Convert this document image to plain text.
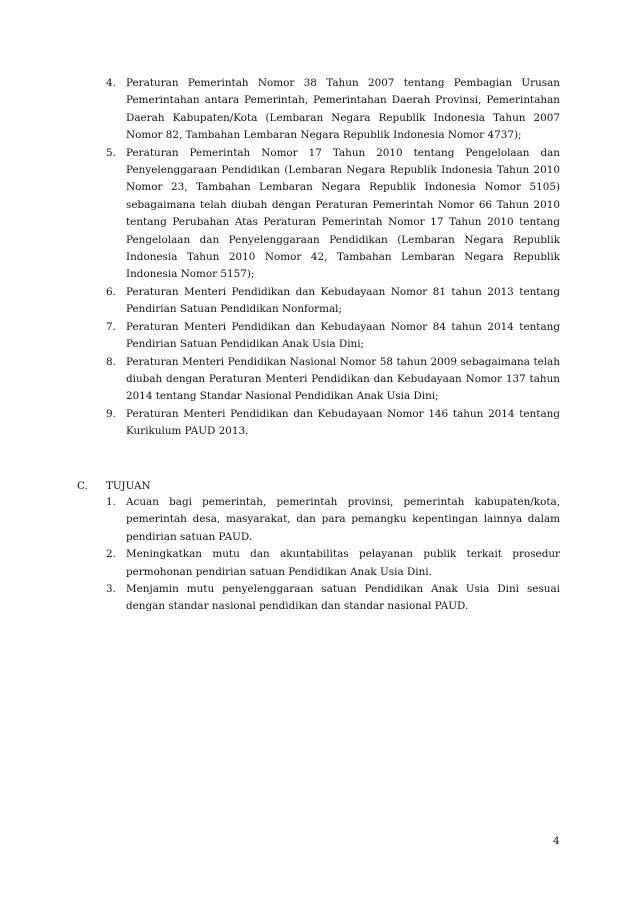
4. Peraturan Pemerintah Nomor 38 Tahun 2007 tentang Pembagian Urusan Pemerintahan antara Pemerintah, Pemerintahan Daerah Provinsi, Pemerintahan Daerah Kabupaten/Kota (Lembaran Negara Republik Indonesia Tahun 2007 Nomor 82, Tambahan Lembaran Negara Republik Indonesia Nomor 4737);

5. Peraturan Pemerintah Nomor 17 Tahun 2010 tentang Pengelolaan dan Penyelenggaraan Pendidikan (Lembaran Negara Republik Indonesia Tahun 2010 Nomor 23, Tambahan Lembaran Negara Republik Indonesia Nomor 5105) sebagaimana telah diubah dengan Peraturan Pemerintah Nomor 66 Tahun 2010 tentang Perubahan Atas Peraturan Pemerintah Nomor 17 Tahun 2010 tentang Pengelolaan dan Penyelenggaraan Pendidikan (Lembaran Negara Republik Indonesia Tahun 2010 Nomor 42, Tambahan Lembaran Negara Republik Indonesia Nomor 5157);

6. Peraturan Menteri Pendidikan dan Kebudayaan Nomor 81 tahun 2013 tentang Pendirian Satuan Pendidikan Nonformal;

7. Peraturan Menteri Pendidikan dan Kebudayaan Nomor 84 tahun 2014 tentang Pendirian Satuan Pendidikan Anak Usia Dini;

8. Peraturan Menteri Pendidikan Nasional Nomor 58 tahun 2009 sebagaimana telah diubah dengan Peraturan Menteri Pendidikan dan Kebudayaan Nomor 137 tahun 2014 tentang Standar Nasional Pendidikan Anak Usia Dini;

9. Peraturan Menteri Pendidikan dan Kebudayaan Nomor 146 tahun 2014 tentang Kurikulum PAUD 2013.

C. TUJUAN

1. Acuan bagi pemerintah, pemerintah provinsi, pemerintah kabupaten/kota, pemerintah desa, masyarakat, dan para pemangku kepentingan lainnya dalam pendirian satuan PAUD.

2. Meningkatkan mutu dan akuntabilitas pelayanan publik terkait prosedur permohonan pendirian satuan Pendidikan Anak Usia Dini.

3. Menjamin mutu penyelenggaraan satuan Pendidikan Anak Usia Dini sesuai dengan standar nasional pendidikan dan standar nasional PAUD.

4
